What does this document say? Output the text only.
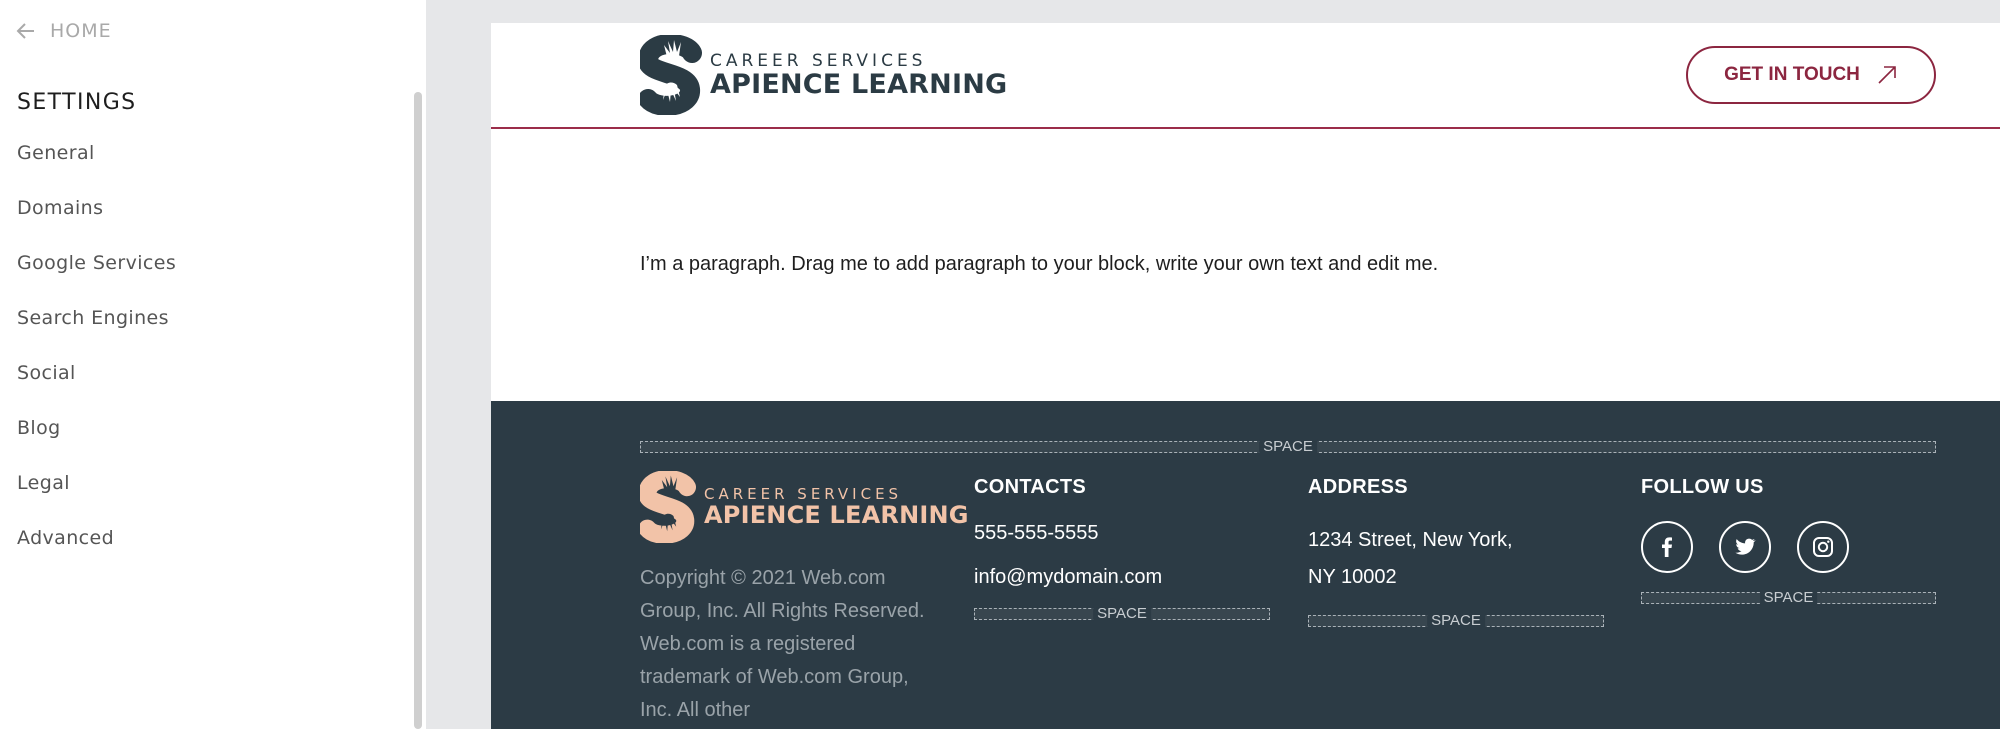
HOME
SETTINGS
General
Domains
Google Services
Search Engines
Social
Blog
Legal
Advanced
CAREER SERVICES
APIENCE LEARNING	GET IN TOUCH
I’m a paragraph. Drag me to add paragraph to your block, write your own text and edit me.
SPACE
CAREER SERVICES
APIENCE LEARNING
Copyright © 2021 Web.com Group, Inc. All Rights Reserved. Web.com is a registered trademark of Web.com Group, Inc. All other
CONTACTS
555-555-5555
info@mydomain.com
SPACE
ADDRESS
1234 Street, New York,
NY 10002
SPACE
FOLLOW US
SPACE
